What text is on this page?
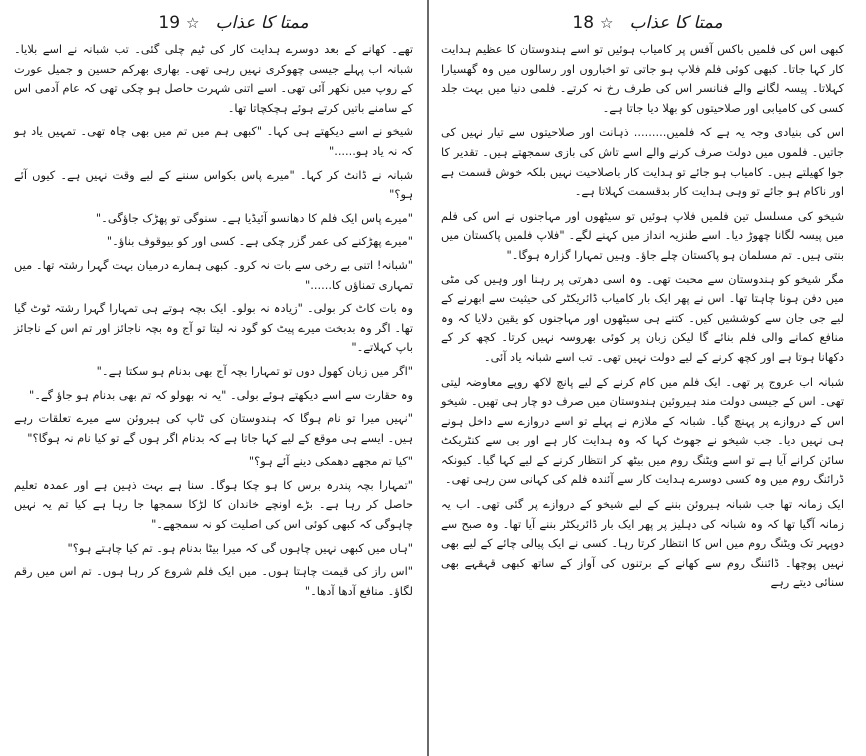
19 ☆ ممتا کا عذاب

تھے۔ کھانے کے بعد دوسرے ہدایت کار کی ٹیم چلی گئی۔ تب شبانہ نے اسے بلایا۔ شبانہ اب پہلے جیسی چھوکری نہیں رہی تھی۔ بھاری بھرکم حسین و جمیل عورت کے روپ میں نکھر آئی تھی۔ اسے اتنی شہرت حاصل ہو چکی تھی کہ عام آدمی اس کے سامنے باتیں کرتے ہوئے ہچکچاتا تھا۔

شیخو نے اسے دیکھتے ہی کہا۔ "کبھی ہم میں تم میں بھی چاہ تھی۔ تمہیں یاد ہو کہ نہ یاد ہو......"

شبانہ نے ڈانٹ کر کہا۔ "میرے پاس بکواس سننے کے لیے وقت نہیں ہے۔ کیوں آئے ہو؟"

"میرے پاس ایک فلم کا دھانسو آئیڈیا ہے۔ سنوگی تو پھڑک جاؤگی۔"

"میرے پھڑکنے کی عمر گزر چکی ہے۔ کسی اور کو بیوقوف بناؤ۔"

"شبانہ! اتنی بے رخی سے بات نہ کرو۔ کبھی ہمارے درمیان بہت گہرا رشتہ تھا۔ میں تمہاری تمناؤں کا......"

وہ بات کاٹ کر بولی۔ "زیادہ نہ بولو۔ ایک بچہ ہوتے ہی تمہارا گہرا رشتہ ٹوٹ گیا تھا۔ اگر وہ بدبخت میرے پیٹ کو گود نہ لیتا تو آج وہ بچہ ناجائز اور تم اس کے ناجائز باپ کہلاتے۔"

"اگر میں زبان کھول دوں تو تمہارا بچہ آج بھی بدنام ہو سکتا ہے۔"

وہ حقارت سے اسے دیکھتے ہوئے بولی۔ "یہ نہ بھولو کہ تم بھی بدنام ہو جاؤ گے۔"

"نہیں میرا تو نام ہوگا کہ ہندوستان کی ٹاپ کی ہیروئن سے میرے تعلقات رہے ہیں۔ ایسے ہی موقع کے لیے کہا جاتا ہے کہ بدنام اگر ہوں گے تو کیا نام نہ ہوگا؟"

"کیا تم مجھے دھمکی دینے آئے ہو؟"

"تمہارا بچہ پندرہ برس کا ہو چکا ہوگا۔ سنا ہے بہت ذہین ہے اور عمدہ تعلیم حاصل کر رہا ہے۔ بڑے اونچے خاندان کا لڑکا سمجھا جا رہا ہے کیا تم یہ نہیں چاہوگی کہ کبھی کوئی اس کی اصلیت کو نہ سمجھے۔"

"ہاں میں کبھی نہیں چاہوں گی کہ میرا بیٹا بدنام ہو۔ تم کیا چاہتے ہو؟"

"اس راز کی قیمت چاہتا ہوں۔ میں ایک فلم شروع کر رہا ہوں۔ تم اس میں رقم لگاؤ۔ منافع آدھا آدھا۔"

18 ☆ ممتا کا عذاب

کبھی اس کی فلمیں باکس آفس پر کامیاب ہوئیں تو اسے ہندوستان کا عظیم ہدایت کار کہا جاتا۔ کبھی کوئی فلم فلاپ ہو جاتی تو اخباروں اور رسالوں میں وہ گھسیارا کہلاتا۔ پیسہ لگانے والے فنانسر اس کی طرف رخ نہ کرتے۔ فلمی دنیا میں بہت جلد کسی کی کامیابی اور صلاحیتوں کو بھلا دیا جاتا ہے۔

اس کی بنیادی وجہ یہ ہے کہ فلمیں......... ذہانت اور صلاحیتوں سے تیار نہیں کی جاتیں۔ فلموں میں دولت صرف کرنے والے اسے تاش کی بازی سمجھتے ہیں۔ تقدیر کا جوا کھیلتے ہیں۔ کامیاب ہو جائے تو ہدایت کار باصلاحیت نہیں بلکہ خوش قسمت ہے اور ناکام ہو جائے تو وہی ہدایت کار بدقسمت کہلاتا ہے۔

شیخو کی مسلسل تین فلمیں فلاپ ہوئیں تو سیٹھوں اور مہاجنوں نے اس کی فلم میں پیسہ لگانا چھوڑ دیا۔ اسے طنزیہ انداز میں کہنے لگے۔ "فلاپ فلمیں پاکستان میں بنتی ہیں۔ تم مسلمان ہو پاکستان چلے جاؤ۔ وہیں تمہارا گزارہ ہوگا۔"

مگر شیخو کو ہندوستان سے محبت تھی۔ وہ اسی دھرتی پر رہنا اور وہیں کی مٹی میں دفن ہونا چاہتا تھا۔ اس نے پھر ایک بار کامیاب ڈائریکٹر کی حیثیت سے ابھرنے کے لیے جی جان سے کوششیں کیں۔ کتنے ہی سیٹھوں اور مہاجنوں کو یقین دلایا کہ وہ منافع کمانے والی فلم بنائے گا لیکن زبان پر کوئی بھروسہ نہیں کرتا۔ کچھ کر کے دکھانا ہوتا ہے اور کچھ کرنے کے لیے دولت نہیں تھی۔ تب اسے شبانہ یاد آئی۔

شبانہ اب عروج پر تھی۔ ایک فلم میں کام کرنے کے لیے پانچ لاکھ روپے معاوضہ لیتی تھی۔ اس کے جیسی دولت مند ہیروئین ہندوستان میں صرف دو چار ہی تھیں۔ شیخو اس کے دروازے پر پہنچ گیا۔ شبانہ کے ملازم نے پہلے تو اسے دروازے سے داخل ہونے ہی نہیں دیا۔ جب شیخو نے جھوٹ کہا کہ وہ ہدایت کار ہے اور بی سے کنٹریکٹ سائن کرانے آیا ہے تو اسے ویٹنگ روم میں بیٹھ کر انتظار کرنے کے لیے کہا گیا۔ کیونکہ ڈرائنگ روم میں وہ کسی دوسرے ہدایت کار سے آئندہ فلم کی کہانی سن رہی تھی۔

ایک زمانہ تھا جب شبانہ ہیروئن بننے کے لیے شیخو کے دروازے پر گئی تھی۔ اب یہ زمانہ آگیا تھا کہ وہ شبانہ کی دہلیز پر پھر ایک بار ڈائریکٹر بننے آیا تھا۔ وہ صبح سے دوپہر تک ویٹنگ روم میں اس کا انتظار کرتا رہا۔ کسی نے ایک پیالی چائے کے لیے بھی نہیں پوچھا۔ ڈائننگ روم سے کھانے کے برتنوں کی آواز کے ساتھ کبھی قہقہے بھی سنائی دیتے رہے
